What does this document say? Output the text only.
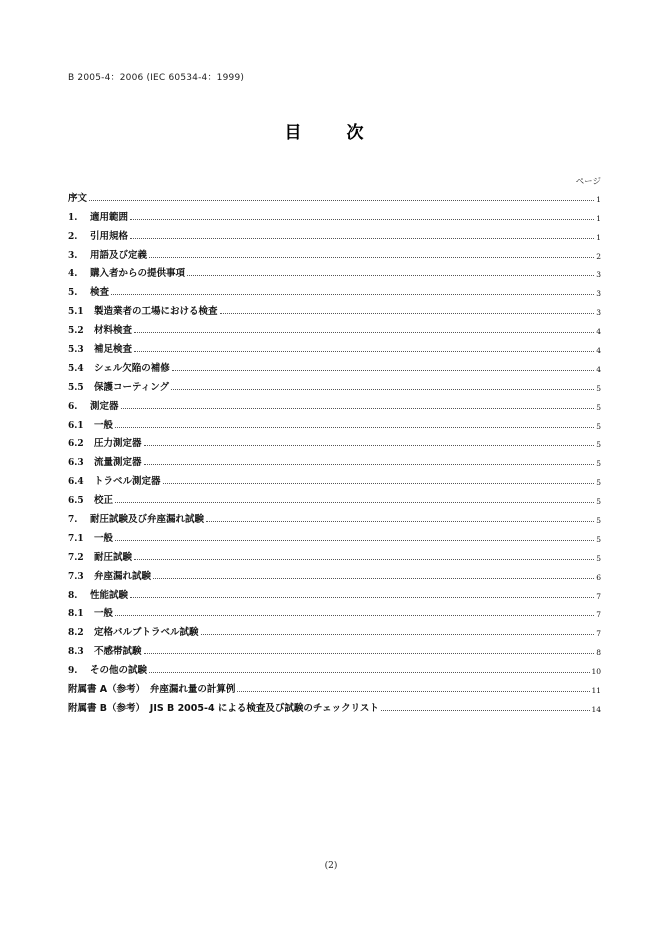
B 2005-4：2006 (IEC 60534-4：1999)
目　次
ページ
序文	1
1.	適用範囲	1
2.	引用規格	1
3.	用語及び定義	2
4.	購入者からの提供事項	3
5.	検査	3
5.1	製造業者の工場における検査	3
5.2	材料検査	4
5.3	補足検査	4
5.4	シェル欠陥の補修	4
5.5	保護コーティング	5
6.	測定器	5
6.1	一般	5
6.2	圧力測定器	5
6.3	流量測定器	5
6.4	トラベル測定器	5
6.5	校正	5
7.	耐圧試験及び弁座漏れ試験	5
7.1	一般	5
7.2	耐圧試験	5
7.3	弁座漏れ試験	6
8.	性能試験	7
8.1	一般	7
8.2	定格バルブトラベル試験	7
8.3	不感帯試験	8
9.	その他の試験	10
附属書 A（参考）　弁座漏れ量の計算例	11
附属書 B（参考）　JIS B 2005-4 による検査及び試験のチェックリスト	14
(2)
